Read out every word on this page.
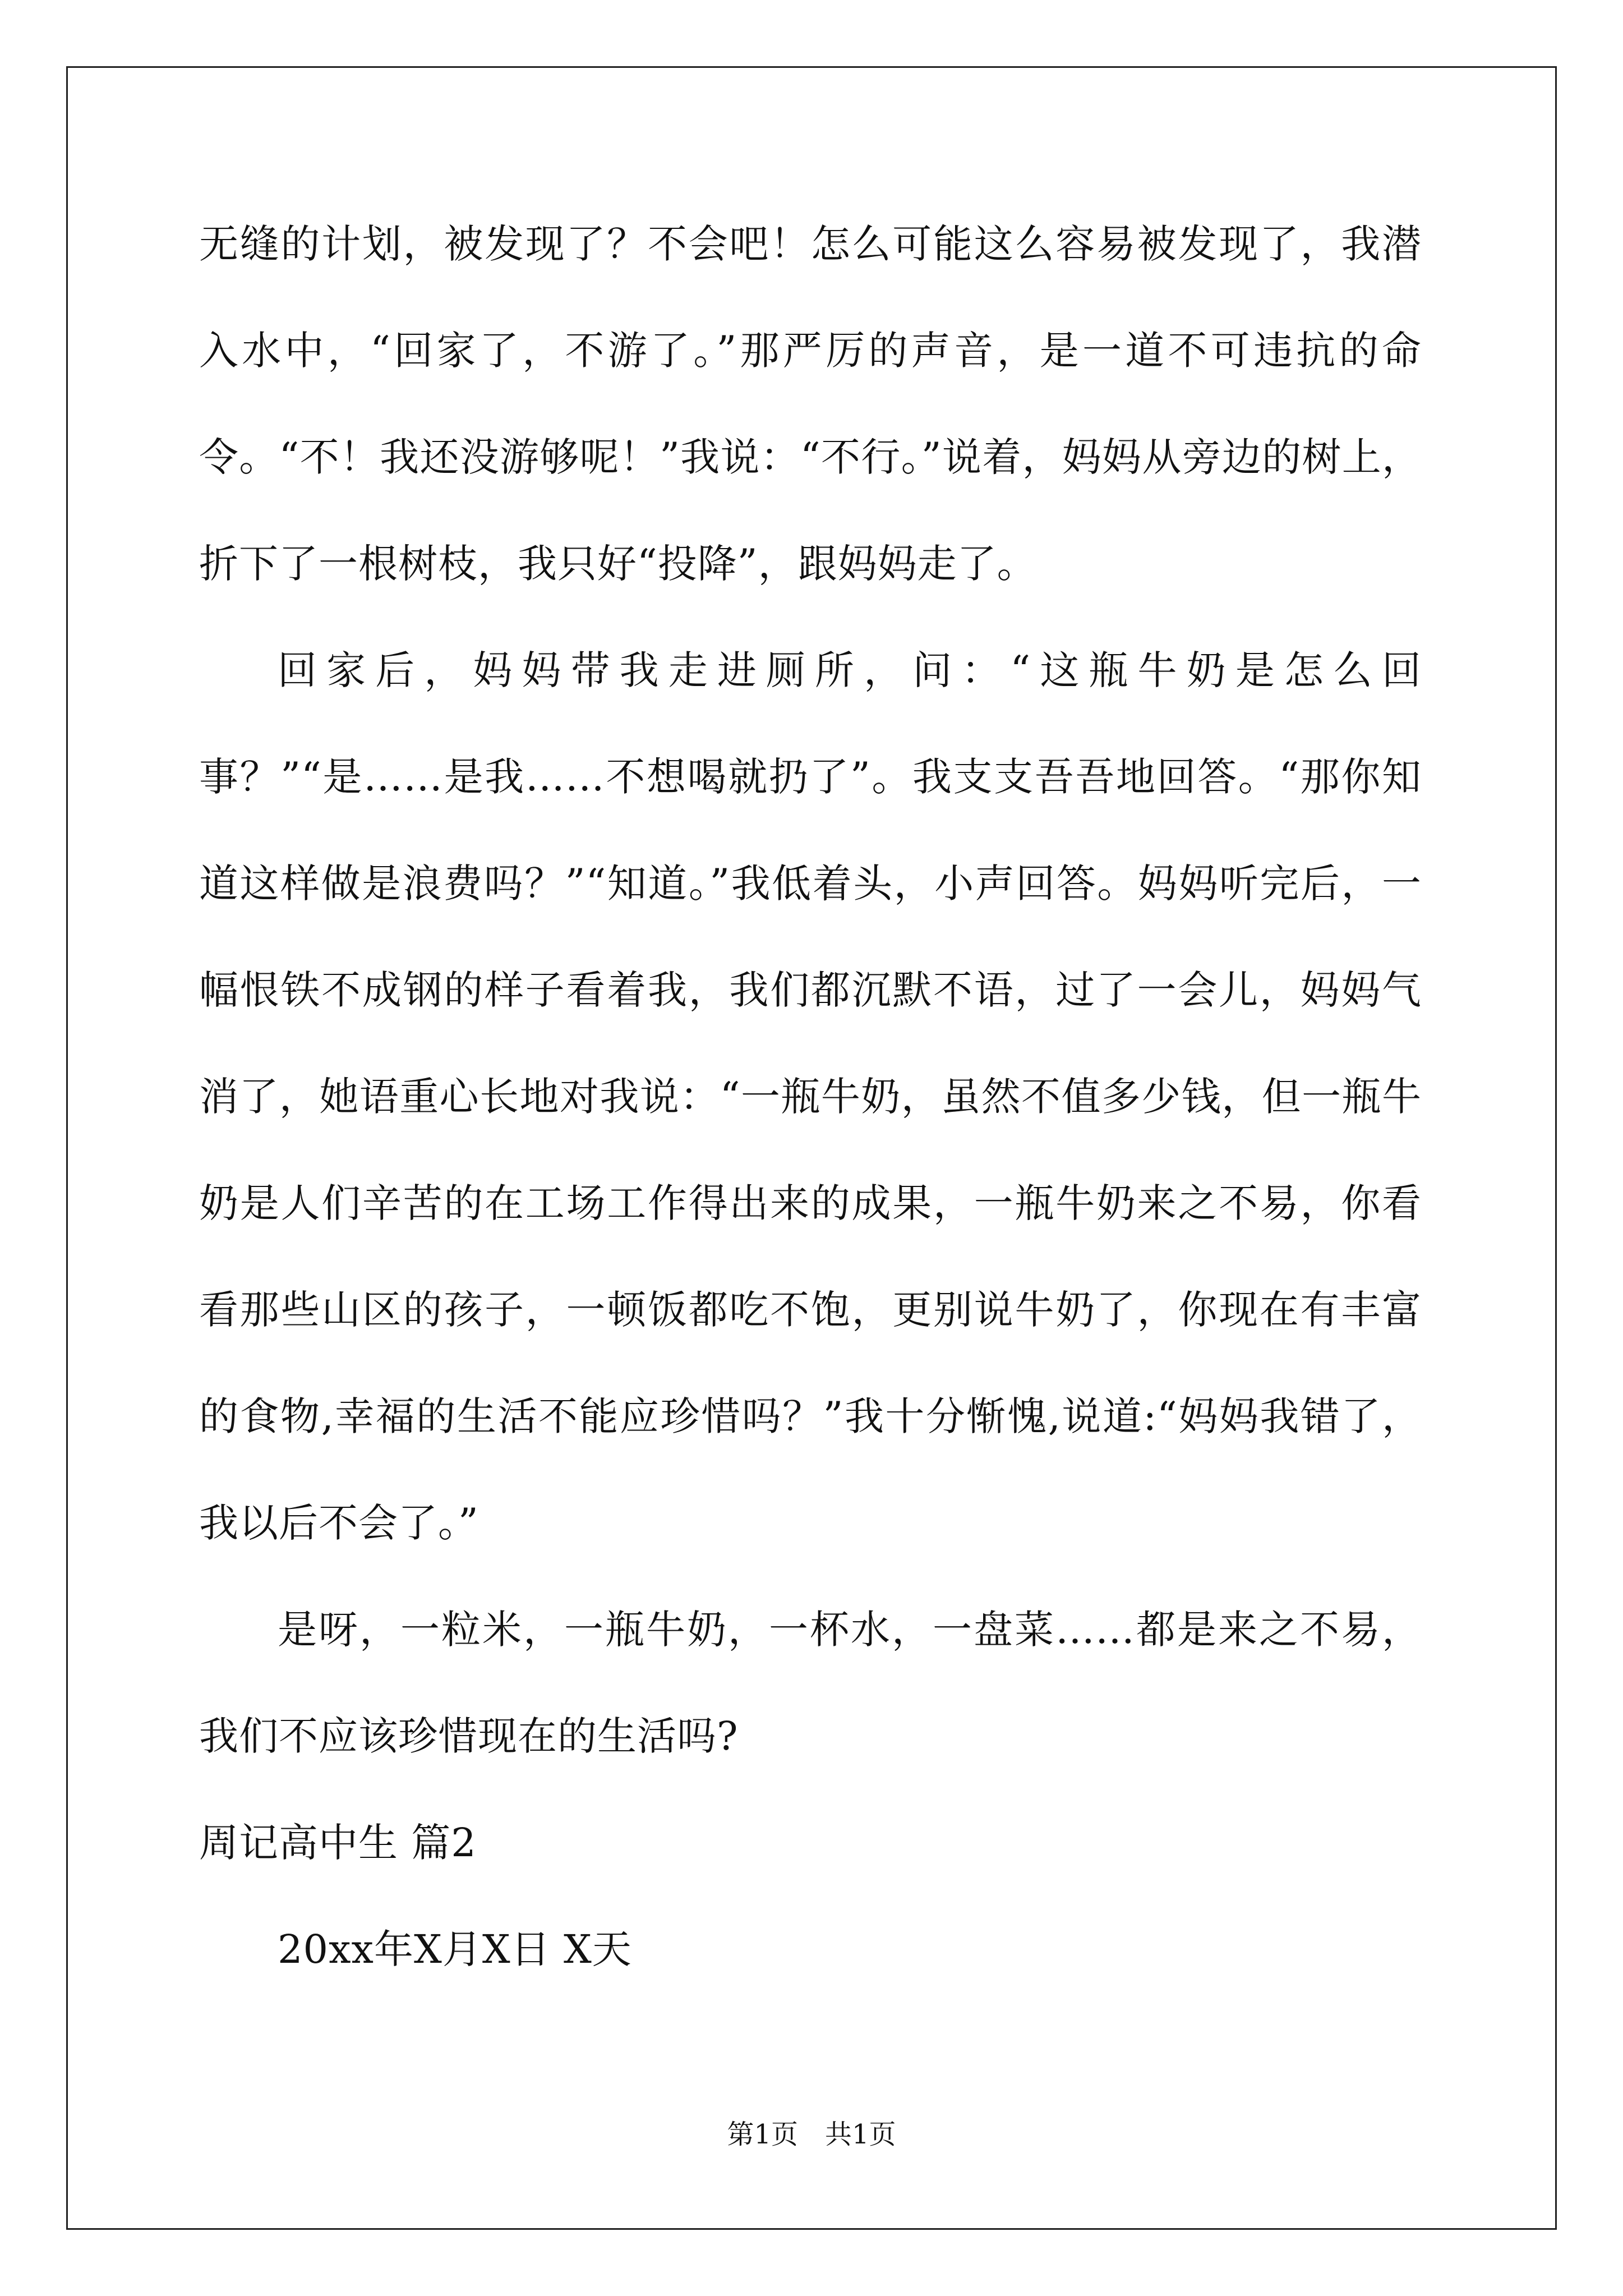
无缝的计划，被发现了？不会吧！怎么可能这么容易被发现了，我潜入水中，“回家了，不游了。”那严厉的声音，是一道不可违抗的命令。“不！我还没游够呢！”我说：“不行。”说着，妈妈从旁边的树上，折下了一根树枝，我只好“投降”，跟妈妈走了。

回家后，妈妈带我走进厕所，问：“这瓶牛奶是怎么回事？”“是……是我……不想喝就扔了”。我支支吾吾地回答。“那你知道这样做是浪费吗？”“知道。”我低着头，小声回答。妈妈听完后，一幅恨铁不成钢的样子看着我，我们都沉默不语，过了一会儿，妈妈气消了，她语重心长地对我说：“一瓶牛奶，虽然不值多少钱，但一瓶牛奶是人们辛苦的在工场工作得出来的成果，一瓶牛奶来之不易，你看看那些山区的孩子，一顿饭都吃不饱，更别说牛奶了，你现在有丰富的食物,幸福的生活不能应珍惜吗？”我十分惭愧,说道:“妈妈我错了，我以后不会了。”

是呀，一粒米，一瓶牛奶，一杯水，一盘菜……都是来之不易，我们不应该珍惜现在的生活吗?

周记高中生 篇2

20xx年X月X日 X天

第1页 共1页
